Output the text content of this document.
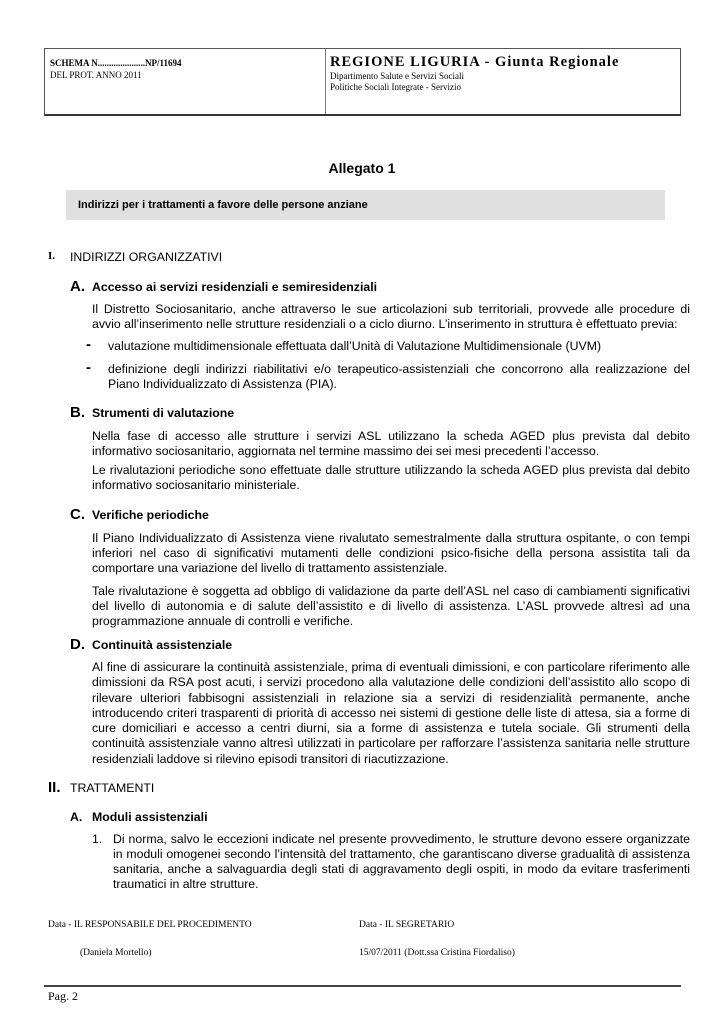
SCHEMA N.....................NP/11694
DEL PROT. ANNO 2011
REGIONE LIGURIA - Giunta Regionale
Dipartimento Salute e Servizi Sociali
Politiche Sociali Integrate - Servizio
Allegato 1
Indirizzi per i trattamenti a favore delle persone anziane
I. INDIRIZZI ORGANIZZATIVI
A. Accesso ai servizi residenziali e semiresidenziali
Il Distretto Sociosanitario, anche attraverso le sue articolazioni sub territoriali, provvede alle procedure di avvio all’inserimento nelle strutture residenziali o a ciclo diurno. L’inserimento in struttura è effettuato previa:
- valutazione multidimensionale effettuata dall’Unità di Valutazione Multidimensionale (UVM)
- definizione degli indirizzi riabilitativi e/o terapeutico-assistenziali che concorrono alla realizzazione del Piano Individualizzato di Assistenza (PIA).
B. Strumenti di valutazione
Nella fase di accesso alle strutture i servizi ASL utilizzano la scheda AGED plus prevista dal debito informativo sociosanitario, aggiornata nel termine massimo dei sei mesi precedenti l’accesso.
Le rivalutazioni periodiche sono effettuate dalle strutture utilizzando la scheda AGED plus prevista dal debito informativo sociosanitario ministeriale.
C. Verifiche periodiche
Il Piano Individualizzato di Assistenza viene rivalutato semestralmente dalla struttura ospitante, o con tempi inferiori nel caso di significativi mutamenti delle condizioni psico-fisiche della persona assistita tali da comportare una variazione del livello di trattamento assistenziale.
Tale rivalutazione è soggetta ad obbligo di validazione da parte dell’ASL nel caso di cambiamenti significativi del livello di autonomia e di salute dell’assistito e di livello di assistenza. L’ASL provvede altresì ad una programmazione annuale di controlli e verifiche.
D. Continuità assistenziale
Al fine di assicurare la continuità assistenziale, prima di eventuali dimissioni, e con particolare riferimento alle dimissioni da RSA post acuti, i servizi procedono alla valutazione delle condizioni dell’assistito allo scopo di rilevare ulteriori fabbisogni assistenziali in relazione sia a servizi di residenzialità permanente, anche introducendo criteri trasparenti di priorità di accesso nei sistemi di gestione delle liste di attesa, sia a forme di cure domiciliari e accesso a centri diurni, sia a forme di assistenza e tutela sociale. Gli strumenti della continuità assistenziale vanno altresì utilizzati in particolare per rafforzare l’assistenza sanitaria nelle strutture residenziali laddove si rilevino episodi transitori di riacutizzazione.
II. TRATTAMENTI
A. Moduli assistenziali
1. Di norma, salvo le eccezioni indicate nel presente provvedimento, le strutture devono essere organizzate in moduli omogenei secondo l’intensità del trattamento, che garantiscano diverse gradualità di assistenza sanitaria, anche a salvaguardia degli stati di aggravamento degli ospiti, in modo da evitare trasferimenti traumatici in altre strutture.
Data - IL RESPONSABILE DEL PROCEDIMENTO
(Daniela Mortello)
Data - IL SEGRETARIO
15/07/2011 (Dott.ssa Cristina Fiordaliso)
Pag. 2
